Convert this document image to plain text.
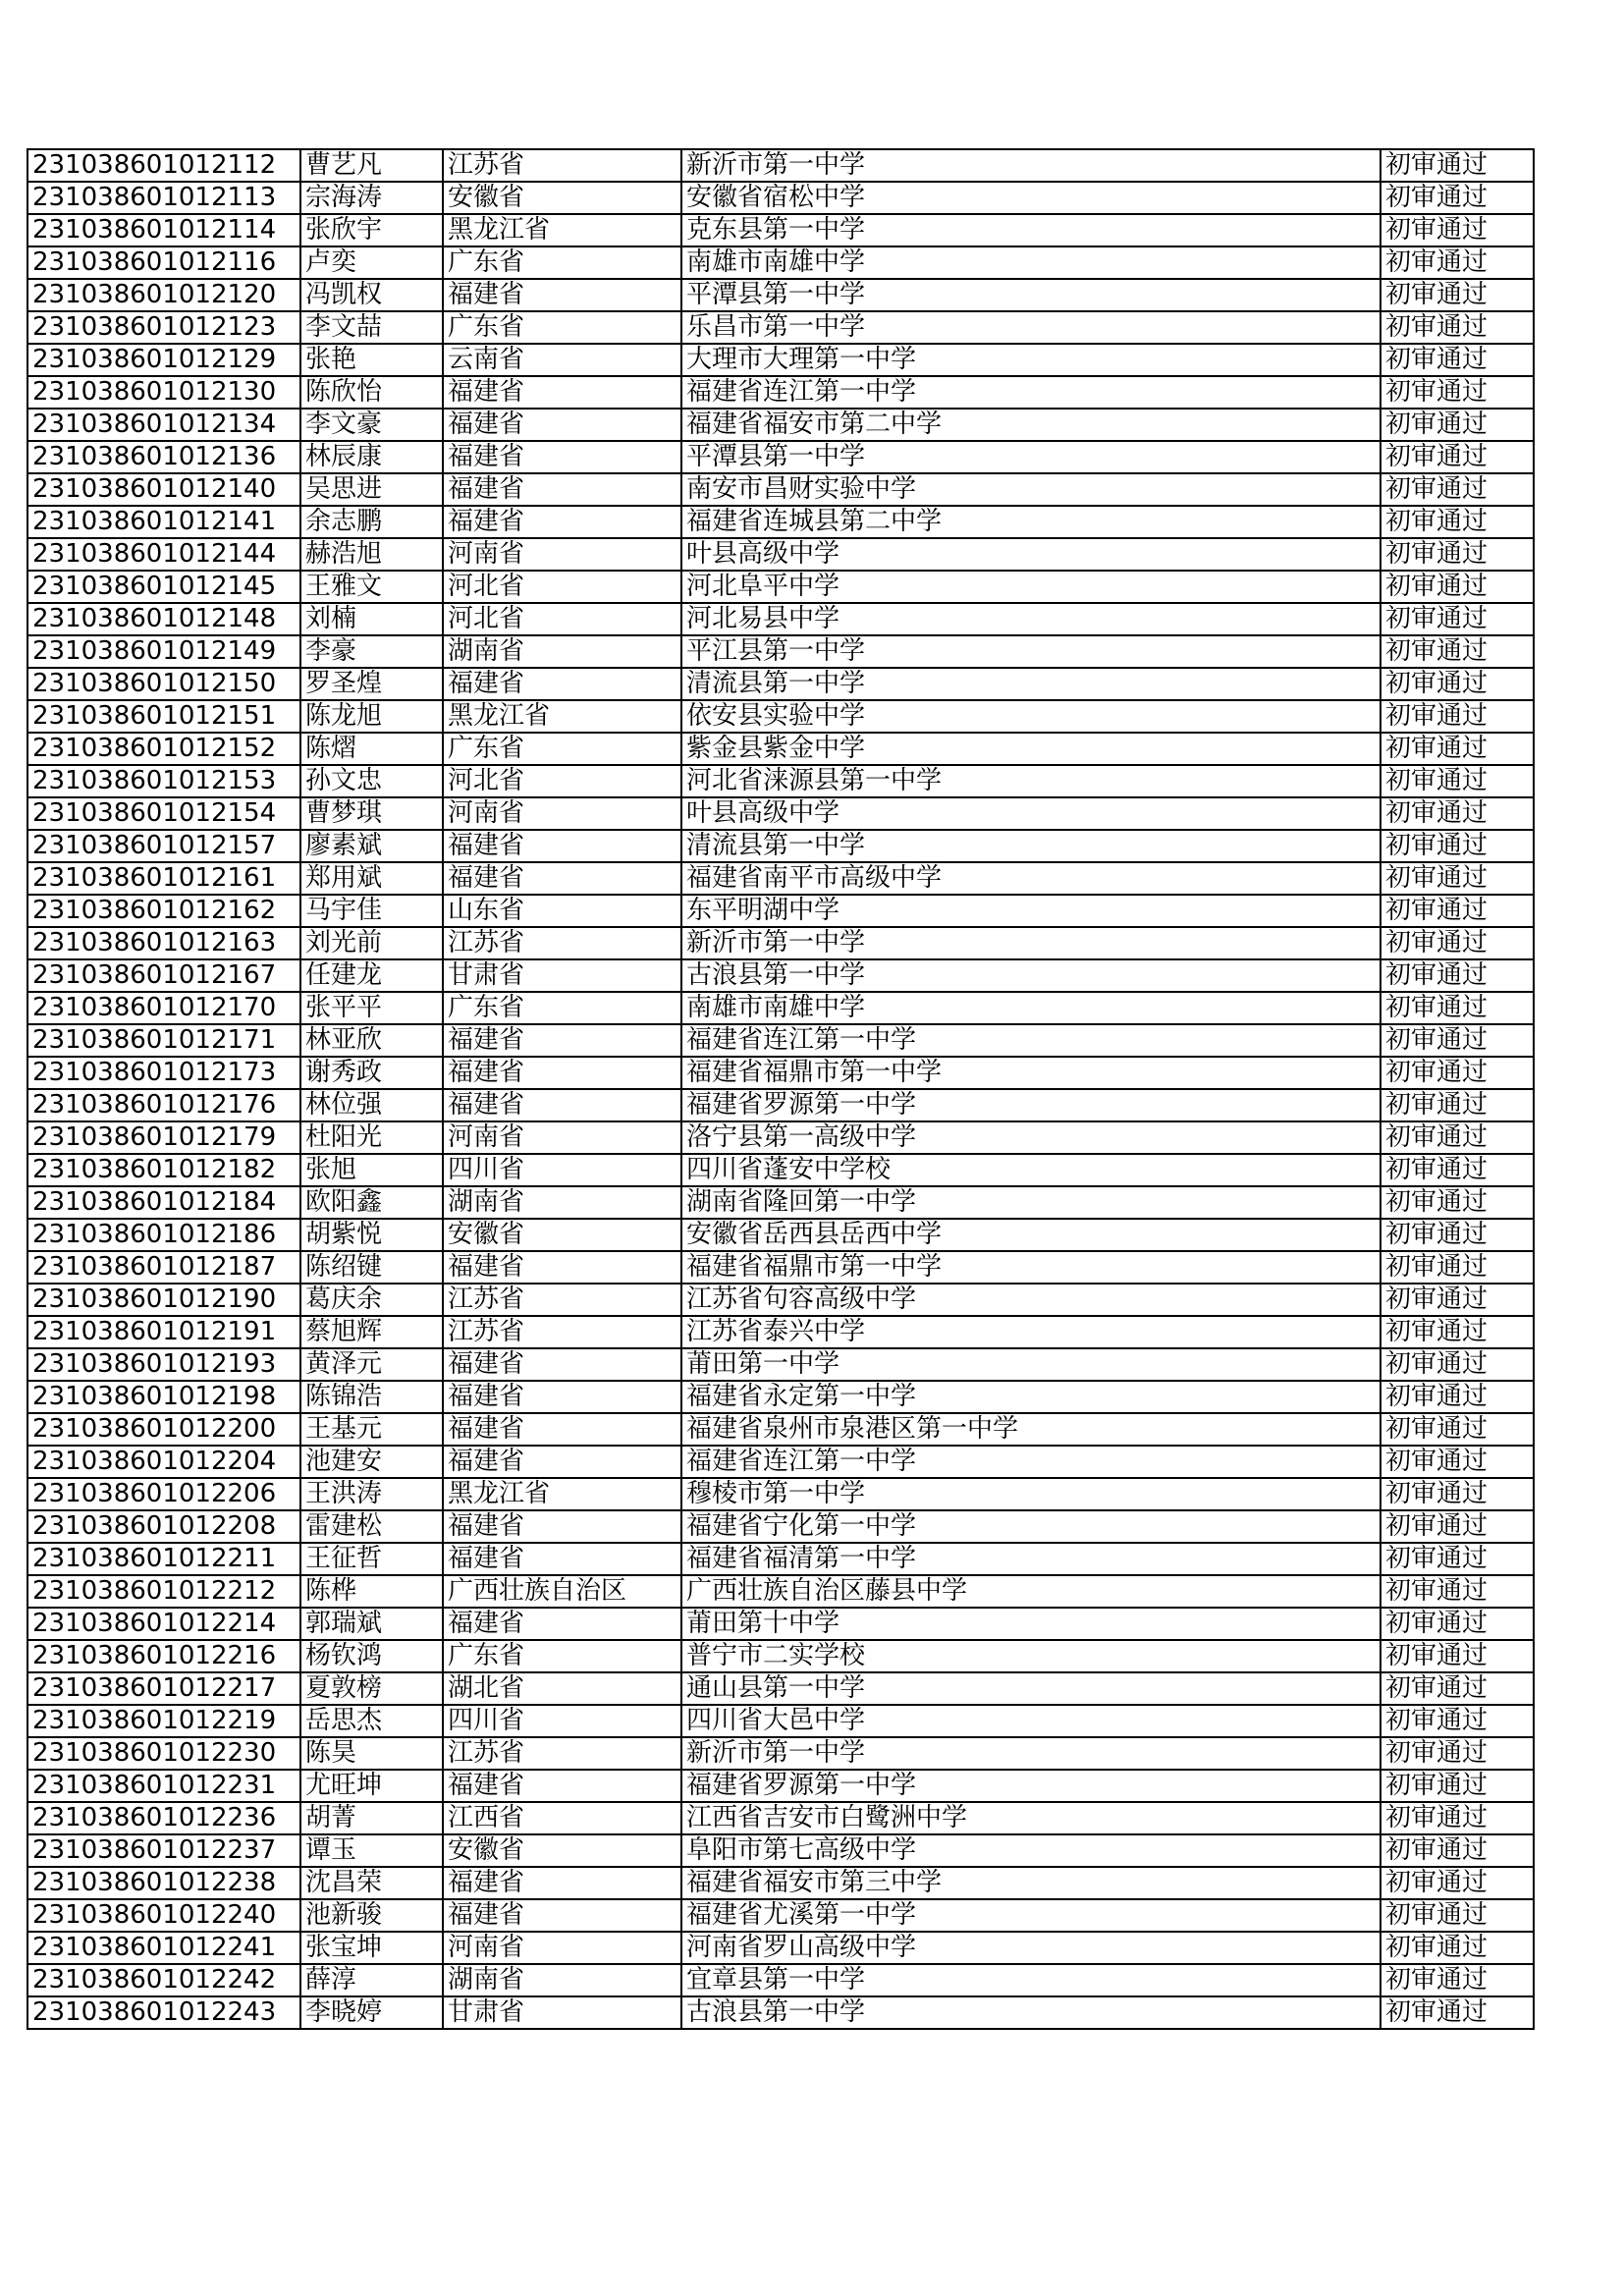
231038601012112	曹艺凡	江苏省	新沂市第一中学	初审通过
231038601012113	宗海涛	安徽省	安徽省宿松中学	初审通过
231038601012114	张欣宇	黑龙江省	克东县第一中学	初审通过
231038601012116	卢奕	广东省	南雄市南雄中学	初审通过
231038601012120	冯凯权	福建省	平潭县第一中学	初审通过
231038601012123	李文喆	广东省	乐昌市第一中学	初审通过
231038601012129	张艳	云南省	大理市大理第一中学	初审通过
231038601012130	陈欣怡	福建省	福建省连江第一中学	初审通过
231038601012134	李文豪	福建省	福建省福安市第二中学	初审通过
231038601012136	林辰康	福建省	平潭县第一中学	初审通过
231038601012140	吴思进	福建省	南安市昌财实验中学	初审通过
231038601012141	余志鹏	福建省	福建省连城县第二中学	初审通过
231038601012144	赫浩旭	河南省	叶县高级中学	初审通过
231038601012145	王雅文	河北省	河北阜平中学	初审通过
231038601012148	刘楠	河北省	河北易县中学	初审通过
231038601012149	李豪	湖南省	平江县第一中学	初审通过
231038601012150	罗圣煌	福建省	清流县第一中学	初审通过
231038601012151	陈龙旭	黑龙江省	依安县实验中学	初审通过
231038601012152	陈熠	广东省	紫金县紫金中学	初审通过
231038601012153	孙文忠	河北省	河北省涞源县第一中学	初审通过
231038601012154	曹梦琪	河南省	叶县高级中学	初审通过
231038601012157	廖素斌	福建省	清流县第一中学	初审通过
231038601012161	郑用斌	福建省	福建省南平市高级中学	初审通过
231038601012162	马宇佳	山东省	东平明湖中学	初审通过
231038601012163	刘光前	江苏省	新沂市第一中学	初审通过
231038601012167	任建龙	甘肃省	古浪县第一中学	初审通过
231038601012170	张平平	广东省	南雄市南雄中学	初审通过
231038601012171	林亚欣	福建省	福建省连江第一中学	初审通过
231038601012173	谢秀政	福建省	福建省福鼎市第一中学	初审通过
231038601012176	林位强	福建省	福建省罗源第一中学	初审通过
231038601012179	杜阳光	河南省	洛宁县第一高级中学	初审通过
231038601012182	张旭	四川省	四川省蓬安中学校	初审通过
231038601012184	欧阳鑫	湖南省	湖南省隆回第一中学	初审通过
231038601012186	胡紫悦	安徽省	安徽省岳西县岳西中学	初审通过
231038601012187	陈绍键	福建省	福建省福鼎市第一中学	初审通过
231038601012190	葛庆余	江苏省	江苏省句容高级中学	初审通过
231038601012191	蔡旭辉	江苏省	江苏省泰兴中学	初审通过
231038601012193	黄泽元	福建省	莆田第一中学	初审通过
231038601012198	陈锦浩	福建省	福建省永定第一中学	初审通过
231038601012200	王基元	福建省	福建省泉州市泉港区第一中学	初审通过
231038601012204	池建安	福建省	福建省连江第一中学	初审通过
231038601012206	王洪涛	黑龙江省	穆棱市第一中学	初审通过
231038601012208	雷建松	福建省	福建省宁化第一中学	初审通过
231038601012211	王征哲	福建省	福建省福清第一中学	初审通过
231038601012212	陈桦	广西壮族自治区	广西壮族自治区藤县中学	初审通过
231038601012214	郭瑞斌	福建省	莆田第十中学	初审通过
231038601012216	杨钦鸿	广东省	普宁市二实学校	初审通过
231038601012217	夏敦榜	湖北省	通山县第一中学	初审通过
231038601012219	岳思杰	四川省	四川省大邑中学	初审通过
231038601012230	陈昊	江苏省	新沂市第一中学	初审通过
231038601012231	尤旺坤	福建省	福建省罗源第一中学	初审通过
231038601012236	胡菁	江西省	江西省吉安市白鹭洲中学	初审通过
231038601012237	谭玉	安徽省	阜阳市第七高级中学	初审通过
231038601012238	沈昌荣	福建省	福建省福安市第三中学	初审通过
231038601012240	池新骏	福建省	福建省尤溪第一中学	初审通过
231038601012241	张宝坤	河南省	河南省罗山高级中学	初审通过
231038601012242	薛淳	湖南省	宜章县第一中学	初审通过
231038601012243	李晓婷	甘肃省	古浪县第一中学	初审通过
